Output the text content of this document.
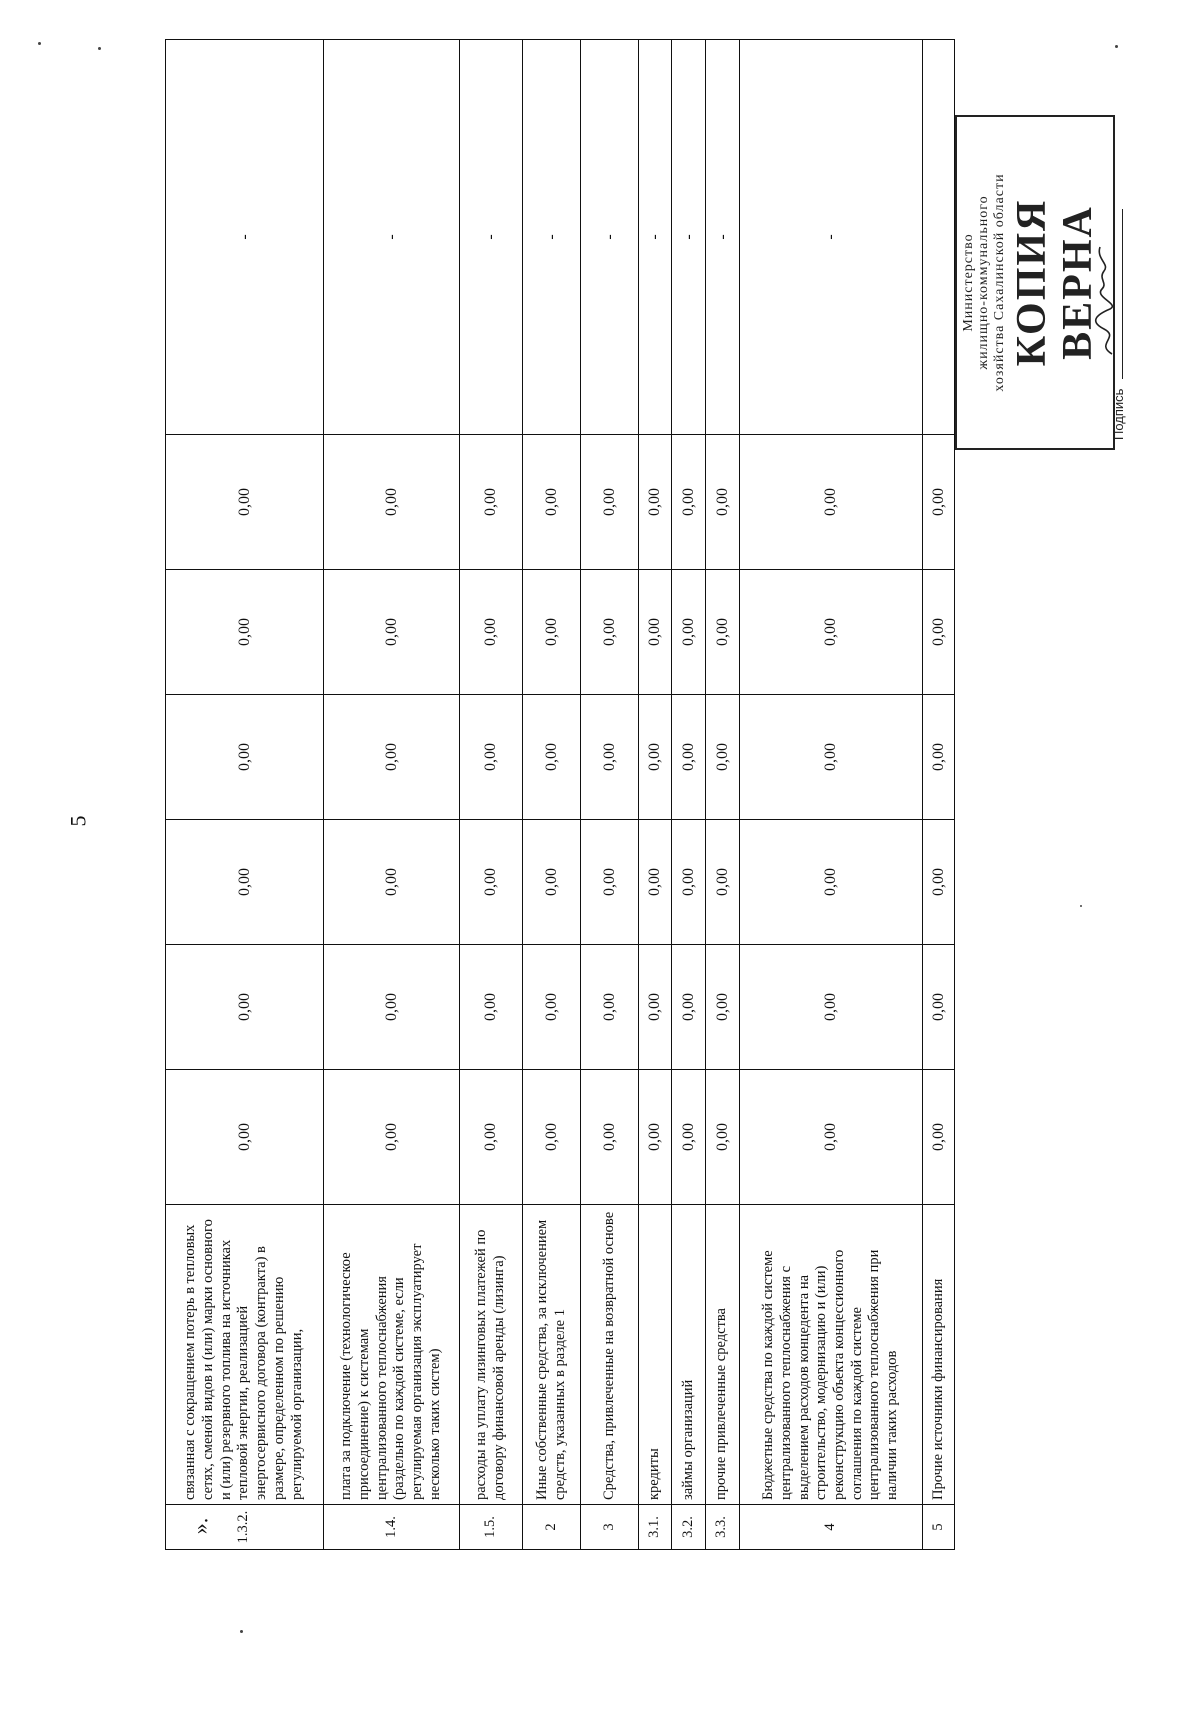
5
1.3.2.	связанная с сокращением потерь в тепловых сетях, сменой видов и (или) марки основного и (или) резервного топлива на источниках тепловой энергии, реализацией энергосервисного договора (контракта) в размере, определенном по решению регулируемой организации,	0,00	0,00	0,00	0,00	0,00	0,00	-
1.4.	плата за подключение (технологическое присоединение) к системам централизованного теплоснабжения (раздельно по каждой системе, если регулируемая организация эксплуатирует несколько таких систем)	0,00	0,00	0,00	0,00	0,00	0,00	-
1.5.	расходы на уплату лизинговых платежей по договору финансовой аренды (лизинга)	0,00	0,00	0,00	0,00	0,00	0,00	-
2	Иные собственные средства, за исключением средств, указанных в разделе 1	0,00	0,00	0,00	0,00	0,00	0,00	-
3	Средства, привлеченные на возвратной основе	0,00	0,00	0,00	0,00	0,00	0,00	-
3.1.	кредиты	0,00	0,00	0,00	0,00	0,00	0,00	-
3.2.	займы организаций	0,00	0,00	0,00	0,00	0,00	0,00	-
3.3.	прочие привлеченные средства	0,00	0,00	0,00	0,00	0,00	0,00	-
4	Бюджетные средства по каждой системе централизованного теплоснабжения с выделением расходов концедента на строительство, модернизацию и (или) реконструкцию объекта концессионного соглашения по каждой системе централизованного теплоснабжения при наличии таких расходов	0,00	0,00	0,00	0,00	0,00	0,00	-
5	Прочие источники финансирования	0,00	0,00	0,00	0,00	0,00	0,00	
».
Министерство жилищно-коммунального хозяйства Сахалинской области КОПИЯ ВЕРНА
Подпись
